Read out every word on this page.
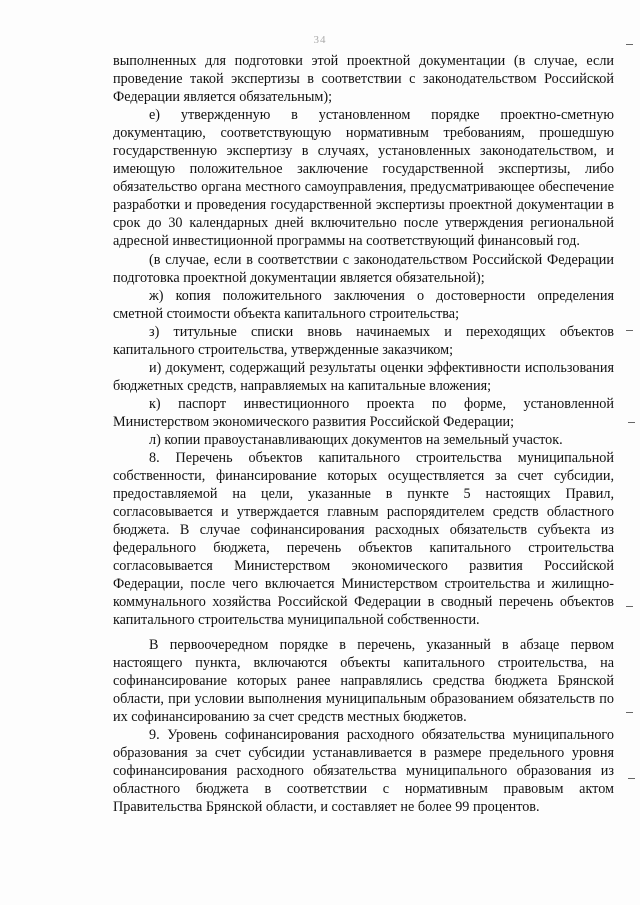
34

выполненных для подготовки этой проектной документации (в случае, если проведение такой экспертизы в соответствии с законодательством Российской Федерации является обязательным);

е) утвержденную в установленном порядке проектно-сметную документацию, соответствующую нормативным требованиям, прошедшую государственную экспертизу в случаях, установленных законодательством, и имеющую положительное заключение государственной экспертизы, либо обязательство органа местного самоуправления, предусматривающее обеспечение разработки и проведения государственной экспертизы проектной документации в срок до 30 календарных дней включительно после утверждения региональной адресной инвестиционной программы на соответствующий финансовый год.

(в случае, если в соответствии с законодательством Российской Федерации подготовка проектной документации является обязательной);

ж) копия положительного заключения о достоверности определения сметной стоимости объекта капитального строительства;

з) титульные списки вновь начинаемых и переходящих объектов капитального строительства, утвержденные заказчиком;

и) документ, содержащий результаты оценки эффективности использования бюджетных средств, направляемых на капитальные вложения;

к) паспорт инвестиционного проекта по форме, установленной Министерством экономического развития Российской Федерации;

л) копии правоустанавливающих документов на земельный участок.

8. Перечень объектов капитального строительства муниципальной собственности, финансирование которых осуществляется за счет субсидии, предоставляемой на цели, указанные в пункте 5 настоящих Правил, согласовывается и утверждается главным распорядителем средств областного бюджета. В случае софинансирования расходных обязательств субъекта из федерального бюджета, перечень объектов капитального строительства согласовывается Министерством экономического развития Российской Федерации, после чего включается Министерством строительства и жилищно-коммунального хозяйства Российской Федерации в сводный перечень объектов капитального строительства муниципальной собственности.

В первоочередном порядке в перечень, указанный в абзаце первом настоящего пункта, включаются объекты капитального строительства, на софинансирование которых ранее направлялись средства бюджета Брянской области, при условии выполнения муниципальным образованием обязательств по их софинансированию за счет средств местных бюджетов.

9. Уровень софинансирования расходного обязательства муниципального образования за счет субсидии устанавливается в размере предельного уровня софинансирования расходного обязательства муниципального образования из областного бюджета в соответствии с нормативным правовым актом Правительства Брянской области, и составляет не более 99 процентов.
